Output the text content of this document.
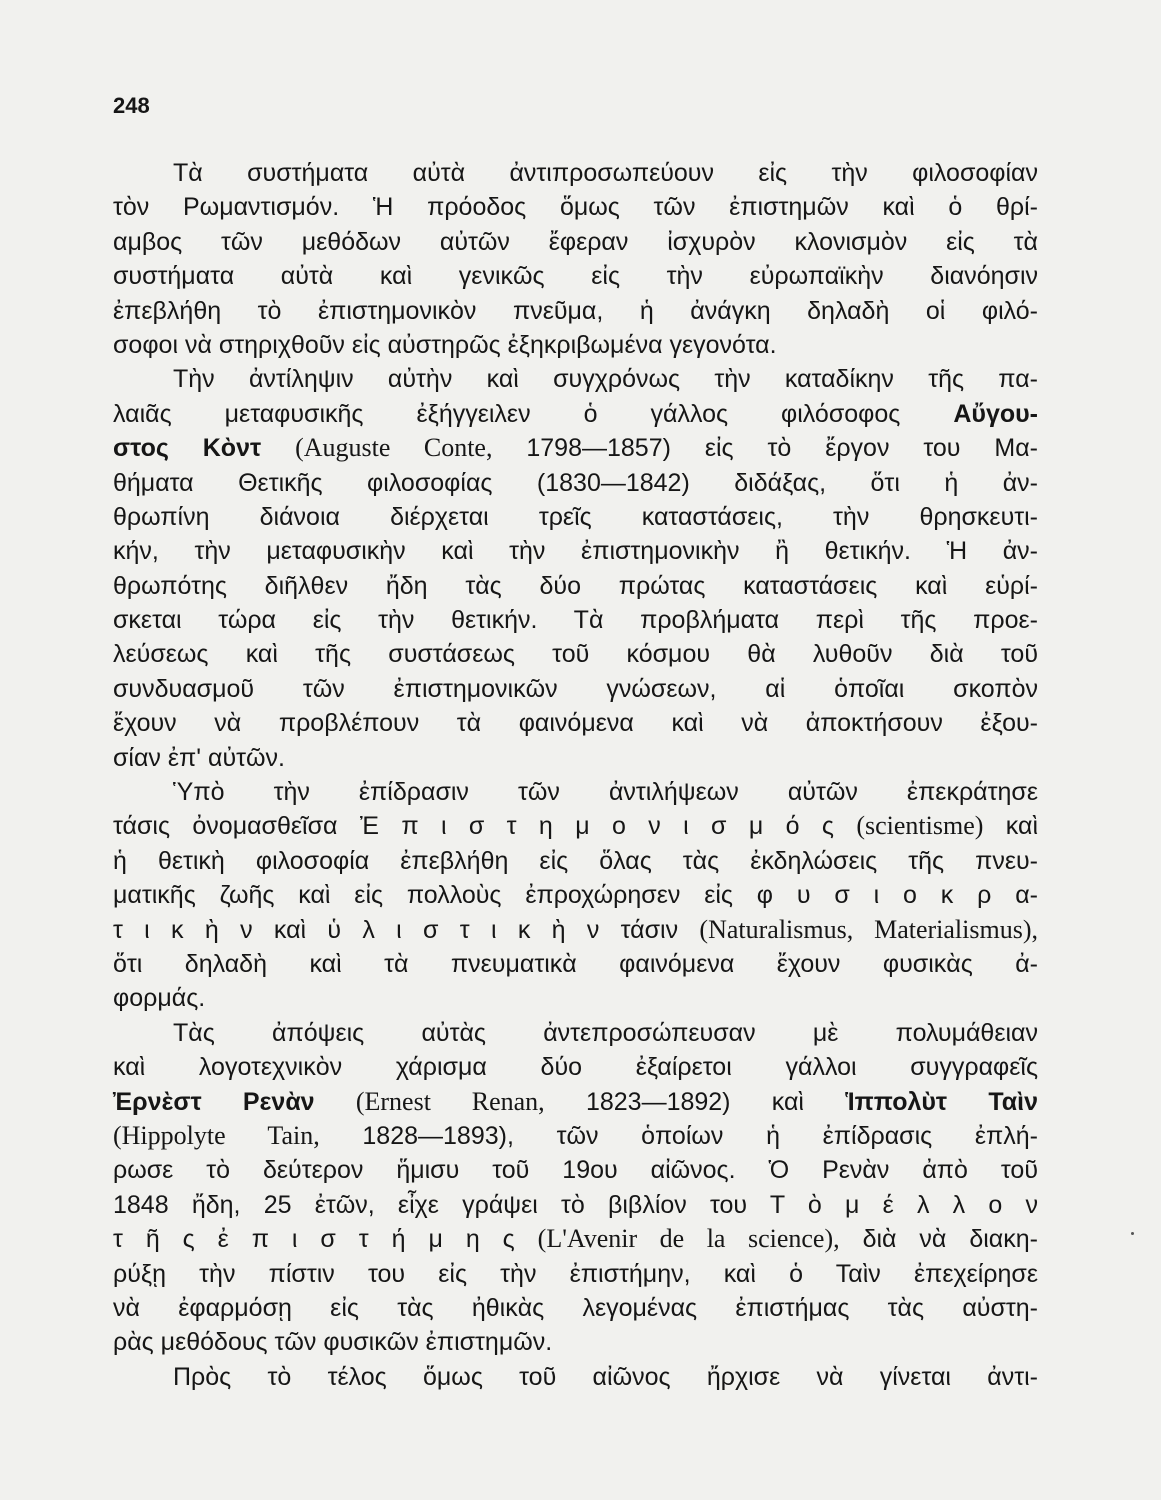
248
Τὰ συστήματα αὐτὰ ἀντιπροσωπεύουν εἰς τὴν φιλοσοφίαν
τὸν Ρωμαντισμόν. Ἡ πρόοδος ὅμως τῶν ἐπιστημῶν καὶ ὁ θρί-
αμβος τῶν μεθόδων αὐτῶν ἔφεραν ἰσχυρὸν κλονισμὸν εἰς τὰ
συστήματα αὐτὰ καὶ γενικῶς εἰς τὴν εὐρωπαϊκὴν διανόησιν
ἐπεβλήθη τὸ ἐπιστημονικὸν πνεῦμα, ἡ ἀνάγκη δηλαδὴ οἱ φιλό-
σοφοι νὰ στηριχθοῦν εἰς αὐστηρῶς ἐξηκριβωμένα γεγονότα.
Τὴν ἀντίληψιν αὐτὴν καὶ συγχρόνως τὴν καταδίκην τῆς πα-
λαιᾶς μεταφυσικῆς ἐξήγγειλεν ὁ γάλλος φιλόσοφος Αὔγου-
στος Κὸντ (Auguste Conte, 1798—1857) εἰς τὸ ἔργον του Μα-
θήματα Θετικῆς φιλοσοφίας (1830—1842) διδάξας, ὅτι ἡ ἀν-
θρωπίνη διάνοια διέρχεται τρεῖς καταστάσεις, τὴν θρησκευτι-
κήν, τὴν μεταφυσικὴν καὶ τὴν ἐπιστημονικὴν ἢ θετικήν. Ἡ ἀν-
θρωπότης διῆλθεν ἤδη τὰς δύο πρώτας καταστάσεις καὶ εὑρί-
σκεται τώρα εἰς τὴν θετικήν. Τὰ προβλήματα περὶ τῆς προε-
λεύσεως καὶ τῆς συστάσεως τοῦ κόσμου θὰ λυθοῦν διὰ τοῦ
συνδυασμοῦ τῶν ἐπιστημονικῶν γνώσεων, αἱ ὁποῖαι σκοπὸν
ἔχουν νὰ προβλέπουν τὰ φαινόμενα καὶ νὰ ἀποκτήσουν ἐξου-
σίαν ἐπ' αὐτῶν.
Ὑπὸ τὴν ἐπίδρασιν τῶν ἀντιλήψεων αὐτῶν ἐπεκράτησε
τάσις ὀνομασθεῖσα Ἐ π ι σ τ η μ ο ν ι σ μ ό ς (scientisme) καὶ
ἡ θετικὴ φιλοσοφία ἐπεβλήθη εἰς ὅλας τὰς ἐκδηλώσεις τῆς πνευ-
ματικῆς ζωῆς καὶ εἰς πολλοὺς ἐπροχώρησεν εἰς φ υ σ ι ο κ ρ α-
τ ι κ ὴ ν καὶ ὑ λ ι σ τ ι κ ὴ ν τάσιν (Naturalismus, Materialismus),
ὅτι δηλαδὴ καὶ τὰ πνευματικὰ φαινόμενα ἔχουν φυσικὰς ἀ-
φορμάς.
Τὰς ἀπόψεις αὐτὰς ἀντεπροσώπευσαν μὲ πολυμάθειαν
καὶ λογοτεχνικὸν χάρισμα δύο ἐξαίρετοι γάλλοι συγγραφεῖς
Ἐρνὲστ Ρενὰν (Ernest Renan, 1823—1892) καὶ Ἱππολὺτ Ταὶν
(Hippolyte Tain, 1828—1893), τῶν ὁποίων ἡ ἐπίδρασις ἐπλή-
ρωσε τὸ δεύτερον ἥμισυ τοῦ 19ου αἰῶνος. Ὁ Ρενὰν ἀπὸ τοῦ
1848 ἤδη, 25 ἐτῶν, εἶχε γράψει τὸ βιβλίον του Τ ὸ μ έ λ λ ο ν
τ ῆ ς ἐ π ι σ τ ή μ η ς (L'Avenir de la science), διὰ νὰ διακη-
ρύξῃ τὴν πίστιν του εἰς τὴν ἐπιστήμην, καὶ ὁ Ταὶν ἐπεχείρησε
νὰ ἐφαρμόσῃ εἰς τὰς ἠθικὰς λεγομένας ἐπιστήμας τὰς αὐστη-
ρὰς μεθόδους τῶν φυσικῶν ἐπιστημῶν.
Πρὸς τὸ τέλος ὅμως τοῦ αἰῶνος ἤρχισε νὰ γίνεται ἀντι-
